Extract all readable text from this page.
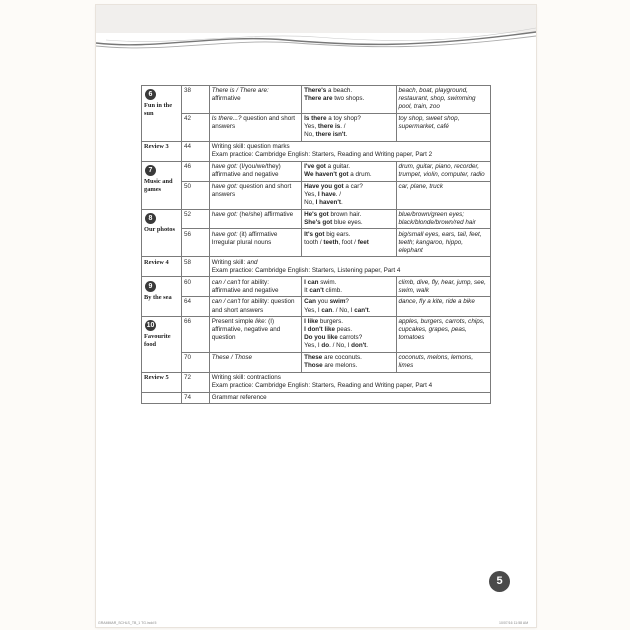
6
Fun in the sun	38	There is / There are: affirmative	There's a beach.
There are two shops.	beach, boat, playground, restaurant, shop, swimming pool, train, zoo
	42	Is there...? question and short answers	Is there a toy shop?
Yes, there is. /
No, there isn't.	toy shop, sweet shop, supermarket, café
Review 3	44	Writing skill: question marks
Exam practice: Cambridge English: Starters, Reading and Writing paper, Part 2		

7
Music and games	46	have got: (I/you/we/they) affirmative and negative	I've got a guitar.
We haven't got a drum.	drum, guitar, piano, recorder, trumpet, violin, computer, radio
	50	have got: question and short answers	Have you got a car?
Yes, I have. /
No, I haven't.	car, plane, truck

8
Our photos	52	have got: (he/she) affirmative	He's got brown hair.
She's got blue eyes.	blue/brown/green eyes; black/blonde/brown/red hair
	56	have got: (it) affirmative
Irregular plural nouns	It's got big ears.
tooth / teeth, foot / feet	big/small eyes, ears, tail, feet, teeth; kangaroo, hippo, elephant
Review 4	58	Writing skill: and
Exam practice: Cambridge English: Starters, Listening paper, Part 4		

9
By the sea	60	can / can't for ability: affirmative and negative	I can swim.
It can't climb.	climb, dive, fly, hear, jump, see, swim, walk
	64	can / can't for ability: question and short answers	Can you swim?
Yes, I can. / No, I can't.	dance, fly a kite, ride a bike

10
Favourite food	66	Present simple like: (I) affirmative, negative and question	I like burgers.
I don't like peas.
Do you like carrots?
Yes, I do. / No, I don't.	apples, burgers, carrots, chips, cupcakes, grapes, peas, tomatoes
	70	These / Those	These are coconuts.
Those are melons.	coconuts, melons, lemons, limes
Review 5	72	Writing skill: contractions
Exam practice: Cambridge English: Starters, Reading and Writing paper, Part 4		
	74	Grammar reference		
5
GRAMMAR_SCHLS_TB_1 TG.indd 5	10/07/16 11:58 AM
